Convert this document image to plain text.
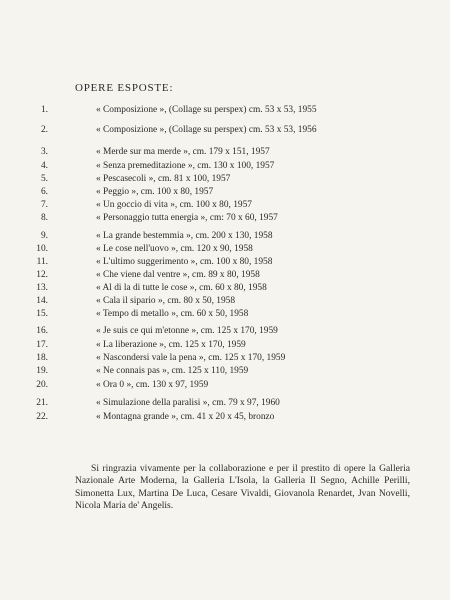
OPERE ESPOSTE:
1.	« Composizione », (Collage su perspex) cm. 53 x 53, 1955
2.	« Composizione », (Collage su perspex) cm. 53 x 53, 1956
3.	« Merde sur ma merde », cm. 179 x 151, 1957
4.	« Senza premeditazione », cm. 130 x 100, 1957
5.	« Pescasecoli », cm. 81 x 100, 1957
6.	« Peggio », cm. 100 x 80, 1957
7.	« Un goccio di vita », cm. 100 x 80, 1957
8.	« Personaggio tutta energia », cm: 70 x 60, 1957
9.	« La grande bestemmia », cm. 200 x 130, 1958
10.	« Le cose nell'uovo », cm. 120 x 90, 1958
11.	« L'ultimo suggerimento », cm. 100 x 80, 1958
12.	« Che viene dal ventre », cm. 89 x 80, 1958
13.	« Al di la di tutte le cose », cm. 60 x 80, 1958
14.	« Cala il sipario », cm. 80 x 50, 1958
15.	« Tempo di metallo », cm. 60 x 50, 1958
16.	« Je suis ce qui m'etonne », cm. 125 x 170, 1959
17.	« La liberazione », cm. 125 x 170, 1959
18.	« Nascondersi vale la pena », cm. 125 x 170, 1959
19.	« Ne connais pas », cm. 125 x 110, 1959
20.	« Ora 0 », cm. 130 x 97, 1959
21.	« Simulazione della paralisi », cm. 79 x 97, 1960
22.	« Montagna grande », cm. 41 x 20 x 45, bronzo

Si ringrazia vivamente per la collaborazione e per il prestito di opere la Galleria Nazionale Arte Moderna, la Galleria L'Isola, la Galleria Il Segno, Achille Perilli, Simonetta Lux, Martina De Luca, Cesare Vivaldi, Giovanola Renardet, Jvan Novelli, Nicola Maria de' Angelis.
